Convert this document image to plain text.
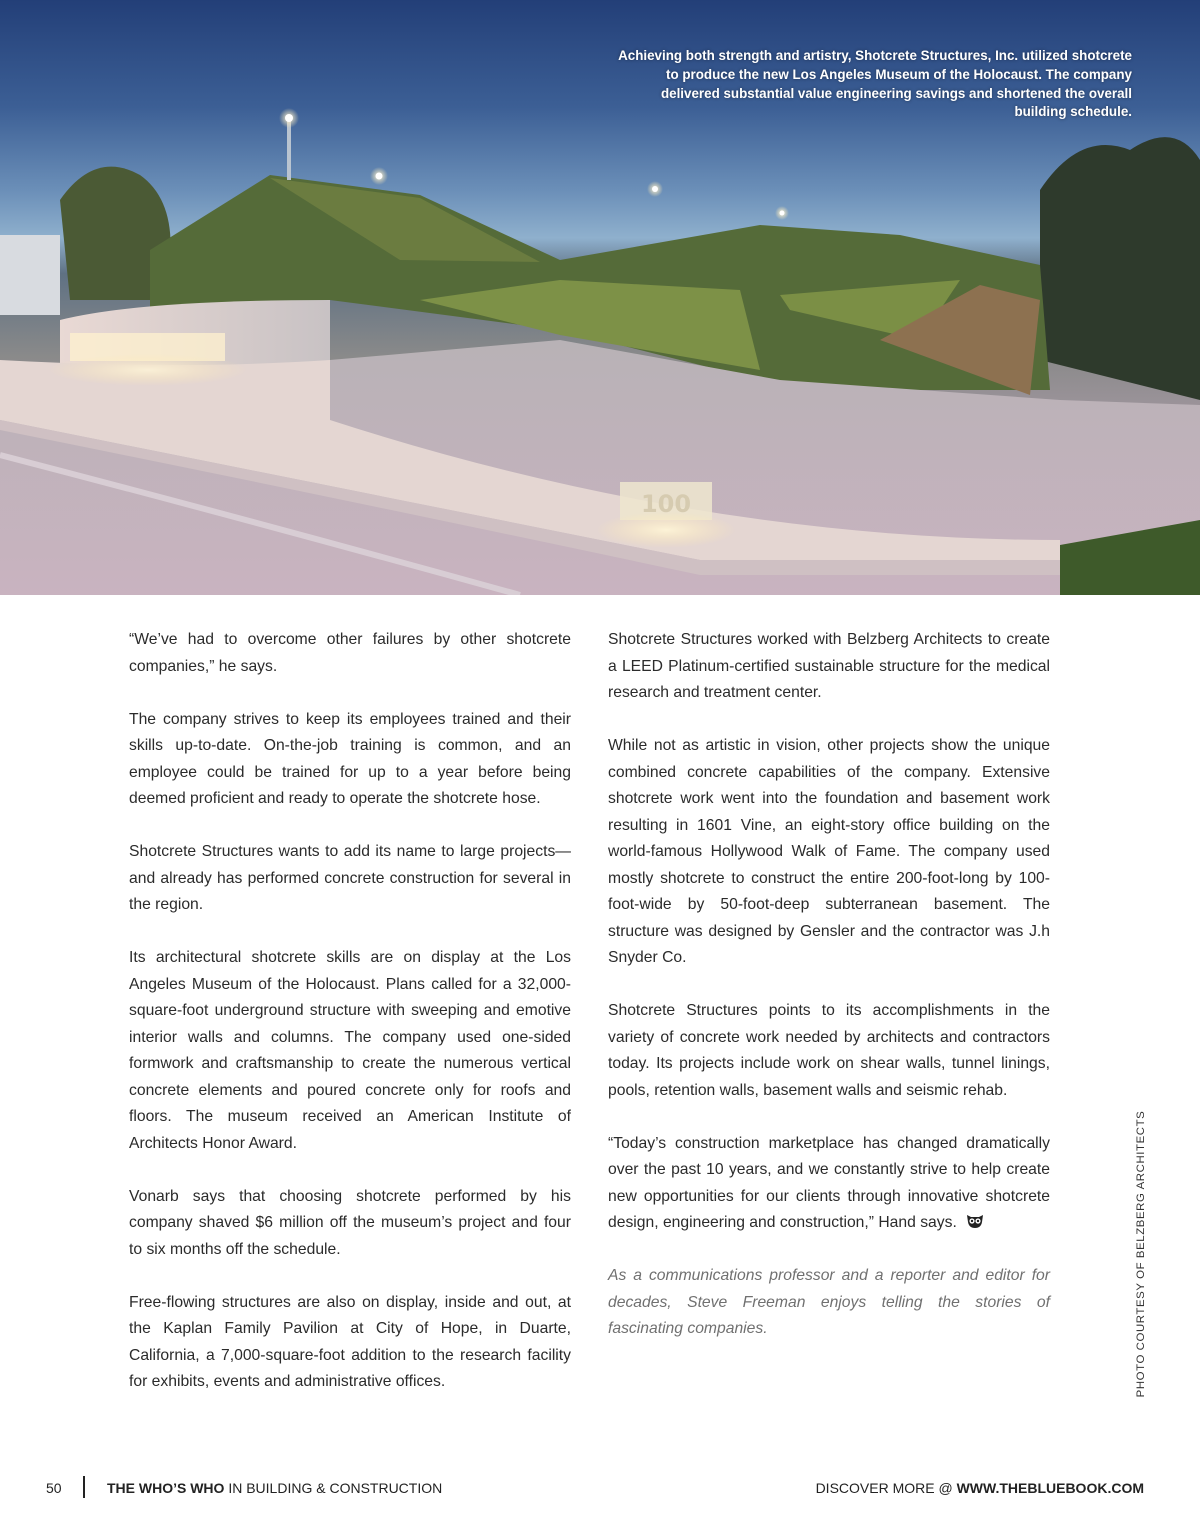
100
Achieving both strength and artistry, Shotcrete Structures, Inc. utilized shotcrete to produce the new Los Angeles Museum of the Holocaust. The company delivered substantial value engineering savings and shortened the overall building schedule.

“We’ve had to overcome other failures by other shotcrete companies,” he says.

The company strives to keep its employees trained and their skills up-to-date. On-the-job training is common, and an employee could be trained for up to a year before being deemed proficient and ready to operate the shotcrete hose.

Shotcrete Structures wants to add its name to large projects—and already has performed concrete construction for several in the region.

Its architectural shotcrete skills are on display at the Los Angeles Museum of the Holocaust. Plans called for a 32,000-square-foot underground structure with sweeping and emotive interior walls and columns. The company used one-sided formwork and craftsmanship to create the numerous vertical concrete elements and poured concrete only for roofs and floors. The museum received an American Institute of Architects Honor Award.

Vonarb says that choosing shotcrete performed by his company shaved $6 million off the museum’s project and four to six months off the schedule.

Free-flowing structures are also on display, inside and out, at the Kaplan Family Pavilion at City of Hope, in Duarte, California, a 7,000-square-foot addition to the research facility for exhibits, events and administrative offices.

Shotcrete Structures worked with Belzberg Architects to create a LEED Platinum-certified sustainable structure for the medical research and treatment center.

While not as artistic in vision, other projects show the unique combined concrete capabilities of the company. Extensive shotcrete work went into the foundation and basement work resulting in 1601 Vine, an eight-story office building on the world-famous Hollywood Walk of Fame. The company used mostly shotcrete to construct the entire 200-foot-long by 100-foot-wide by 50-foot-deep subterranean basement. The structure was designed by Gensler and the contractor was J.h Snyder Co.

Shotcrete Structures points to its accomplishments in the variety of concrete work needed by architects and contractors today. Its projects include work on shear walls, tunnel linings, pools, retention walls, basement walls and seismic rehab.

“Today’s construction marketplace has changed dramatically over the past 10 years, and we constantly strive to help create new opportunities for our clients through innovative shotcrete design, engineering and construction,” Hand says.

As a communications professor and a reporter and editor for decades, Steve Freeman enjoys telling the stories of fascinating companies.	PHOTO COURTESY OF BELZBERG ARCHITECTS
50	THE WHO’S WHO IN BUILDING & CONSTRUCTION	DISCOVER MORE @ WWW.THEBLUEBOOK.COM
